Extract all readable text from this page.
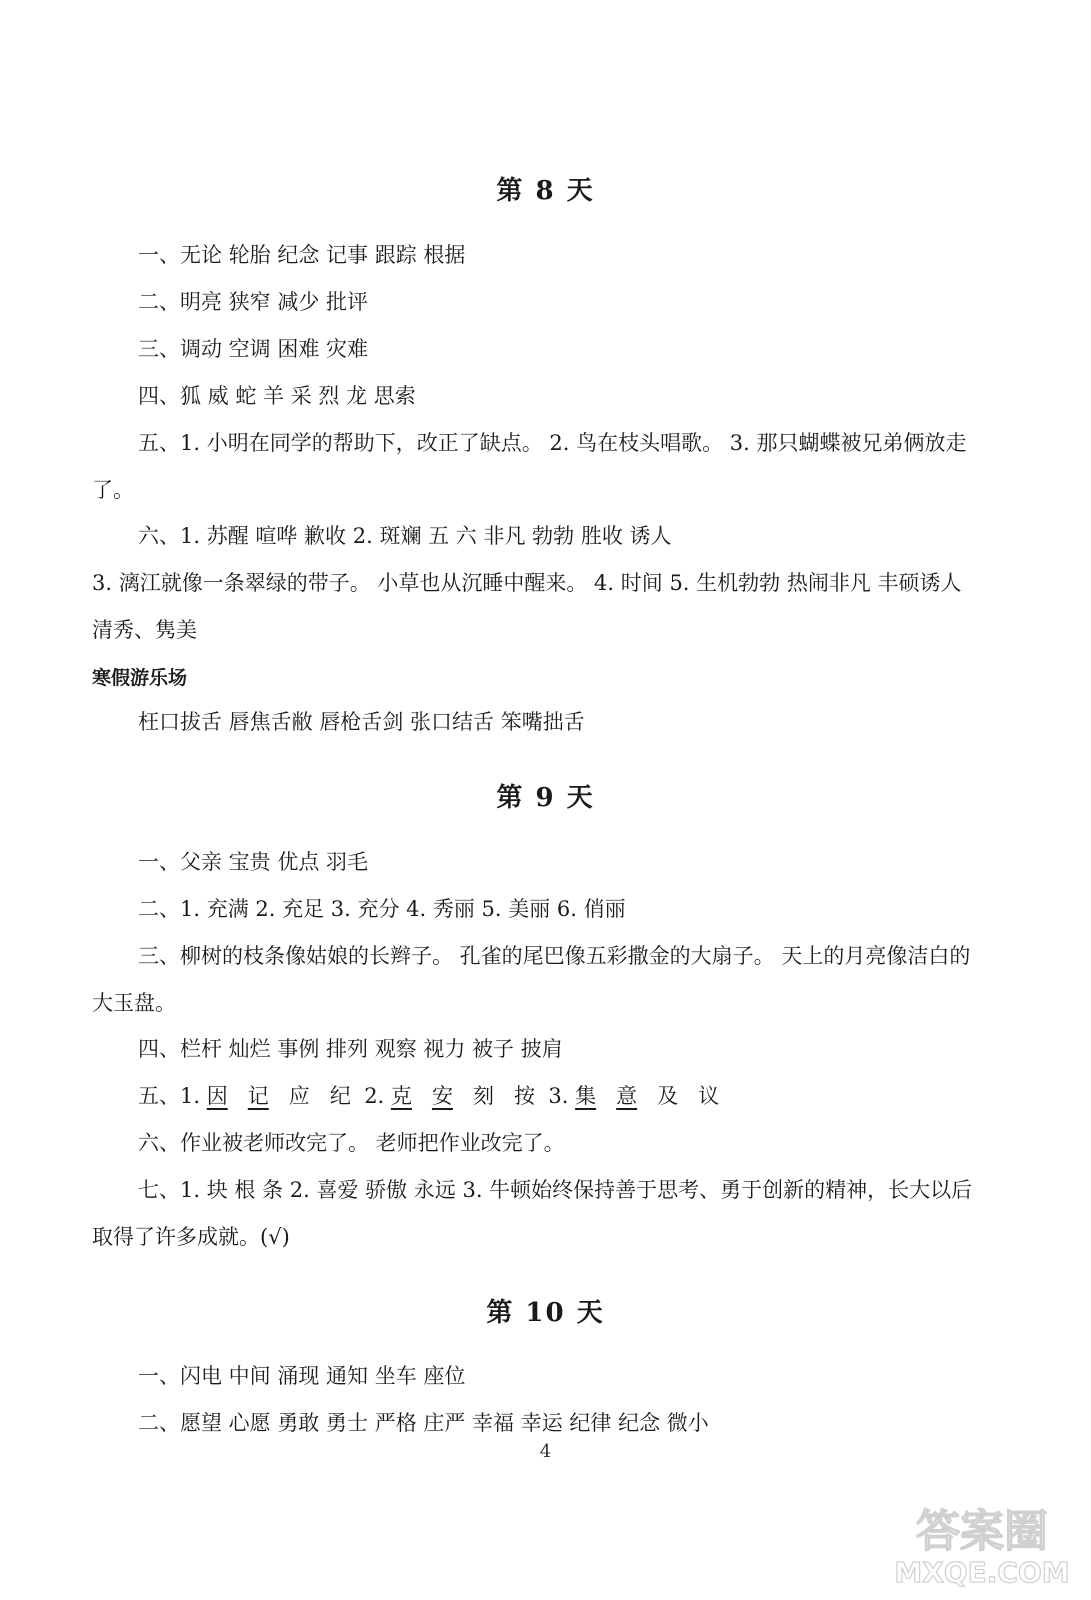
第 8 天

一、无论 轮胎 纪念 记事 跟踪 根据

二、明亮 狭窄 减少 批评

三、调动 空调 困难 灾难

四、狐 威 蛇 羊 采 烈 龙 思索

五、1. 小明在同学的帮助下，改正了缺点。 2. 鸟在枝头唱歌。 3. 那只蝴蝶被兄弟俩放走了。

六、1. 苏醒 喧哗 歉收 2. 斑斓 五 六 非凡 勃勃 胜收 诱人

3. 漓江就像一条翠绿的带子。 小草也从沉睡中醒来。 4. 时间 5. 生机勃勃 热闹非凡 丰硕诱人 清秀、隽美

寒假游乐场

枉口拔舌 唇焦舌敝 唇枪舌剑 张口结舌 笨嘴拙舌

第 9 天

一、父亲 宝贵 优点 羽毛

二、1. 充满 2. 充足 3. 充分 4. 秀丽 5. 美丽 6. 俏丽

三、柳树的枝条像姑娘的长辫子。 孔雀的尾巴像五彩撒金的大扇子。 天上的月亮像洁白的大玉盘。

四、栏杆 灿烂 事例 排列 观察 视力 被子 披肩

五、1. 因 记 应 纪 2. 克 安 刻 按 3. 集 意 及 议

六、作业被老师改完了。 老师把作业改完了。

七、1. 块 根 条 2. 喜爱 骄傲 永远 3. 牛顿始终保持善于思考、勇于创新的精神，长大以后取得了许多成就。(√)

第 10 天

一、闪电 中间 涌现 通知 坐车 座位

二、愿望 心愿 勇敢 勇士 严格 庄严 幸福 幸运 纪律 纪念 微小

4
答案圈
MXQE.COM
